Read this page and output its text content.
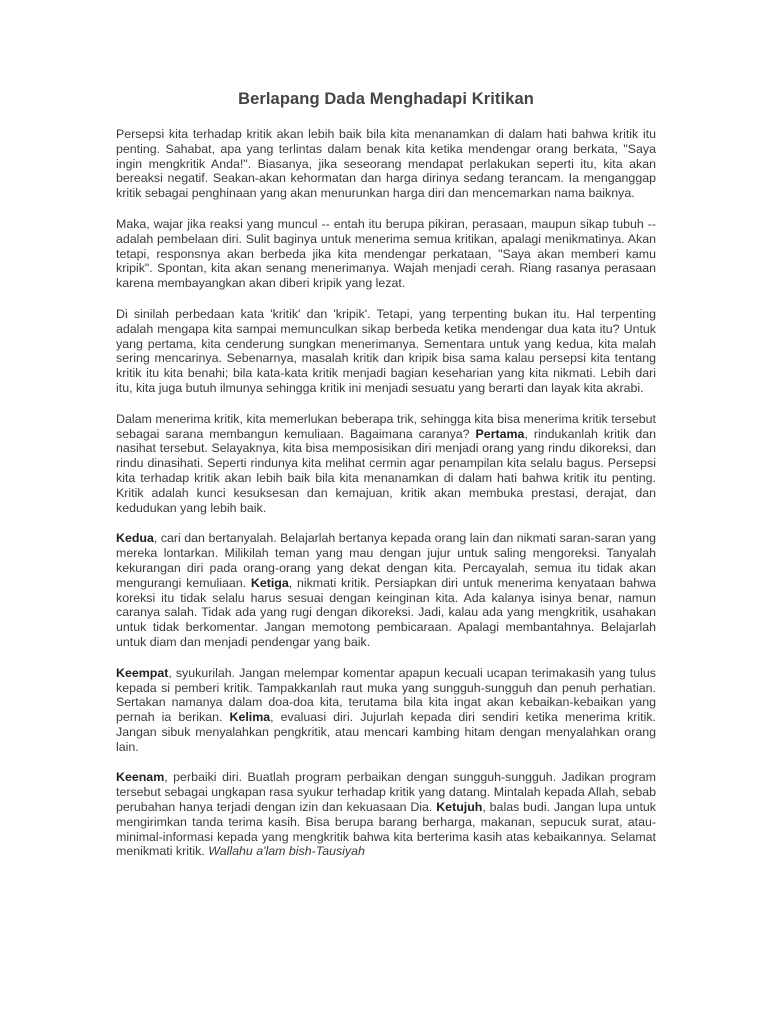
Berlapang Dada Menghadapi Kritikan

Persepsi kita terhadap kritik akan lebih baik bila kita menanamkan di dalam hati bahwa kritik itu penting. Sahabat, apa yang terlintas dalam benak kita ketika mendengar orang berkata, "Saya ingin mengkritik Anda!". Biasanya, jika seseorang mendapat perlakukan seperti itu, kita akan bereaksi negatif. Seakan-akan kehormatan dan harga dirinya sedang terancam. Ia menganggap kritik sebagai penghinaan yang akan menurunkan harga diri dan mencemarkan nama baiknya.

Maka, wajar jika reaksi yang muncul -- entah itu berupa pikiran, perasaan, maupun sikap tubuh -- adalah pembelaan diri. Sulit baginya untuk menerima semua kritikan, apalagi menikmatinya. Akan tetapi, responsnya akan berbeda jika kita mendengar perkataan, "Saya akan memberi kamu kripik". Spontan, kita akan senang menerimanya. Wajah menjadi cerah. Riang rasanya perasaan karena membayangkan akan diberi kripik yang lezat.

Di sinilah perbedaan kata 'kritik' dan 'kripik'. Tetapi, yang terpenting bukan itu. Hal terpenting adalah mengapa kita sampai memunculkan sikap berbeda ketika mendengar dua kata itu? Untuk yang pertama, kita cenderung sungkan menerimanya. Sementara untuk yang kedua, kita malah sering mencarinya. Sebenarnya, masalah kritik dan kripik bisa sama kalau persepsi kita tentang kritik itu kita benahi; bila kata-kata kritik menjadi bagian keseharian yang kita nikmati. Lebih dari itu, kita juga butuh ilmunya sehingga kritik ini menjadi sesuatu yang berarti dan layak kita akrabi.

Dalam menerima kritik, kita memerlukan beberapa trik, sehingga kita bisa menerima kritik tersebut sebagai sarana membangun kemuliaan. Bagaimana caranya? Pertama, rindukanlah kritik dan nasihat tersebut. Selayaknya, kita bisa memposisikan diri menjadi orang yang rindu dikoreksi, dan rindu dinasihati. Seperti rindunya kita melihat cermin agar penampilan kita selalu bagus. Persepsi kita terhadap kritik akan lebih baik bila kita menanamkan di dalam hati bahwa kritik itu penting. Kritik adalah kunci kesuksesan dan kemajuan, kritik akan membuka prestasi, derajat, dan kedudukan yang lebih baik.

Kedua, cari dan bertanyalah. Belajarlah bertanya kepada orang lain dan nikmati saran-saran yang mereka lontarkan. Milikilah teman yang mau dengan jujur untuk saling mengoreksi. Tanyalah kekurangan diri pada orang-orang yang dekat dengan kita. Percayalah, semua itu tidak akan mengurangi kemuliaan. Ketiga, nikmati kritik. Persiapkan diri untuk menerima kenyataan bahwa koreksi itu tidak selalu harus sesuai dengan keinginan kita. Ada kalanya isinya benar, namun caranya salah. Tidak ada yang rugi dengan dikoreksi. Jadi, kalau ada yang mengkritik, usahakan untuk tidak berkomentar. Jangan memotong pembicaraan. Apalagi membantahnya. Belajarlah untuk diam dan menjadi pendengar yang baik.

Keempat, syukurilah. Jangan melempar komentar apapun kecuali ucapan terimakasih yang tulus kepada si pemberi kritik. Tampakkanlah raut muka yang sungguh-sungguh dan penuh perhatian. Sertakan namanya dalam doa-doa kita, terutama bila kita ingat akan kebaikan-kebaikan yang pernah ia berikan. Kelima, evaluasi diri. Jujurlah kepada diri sendiri ketika menerima kritik. Jangan sibuk menyalahkan pengkritik, atau mencari kambing hitam dengan menyalahkan orang lain.

Keenam, perbaiki diri. Buatlah program perbaikan dengan sungguh-sungguh. Jadikan program tersebut sebagai ungkapan rasa syukur terhadap kritik yang datang. Mintalah kepada Allah, sebab perubahan hanya terjadi dengan izin dan kekuasaan Dia. Ketujuh, balas budi. Jangan lupa untuk mengirimkan tanda terima kasih. Bisa berupa barang berharga, makanan, sepucuk surat, atau-minimal-informasi kepada yang mengkritik bahwa kita berterima kasih atas kebaikannya. Selamat menikmati kritik. Wallahu a'lam bish-Tausiyah
